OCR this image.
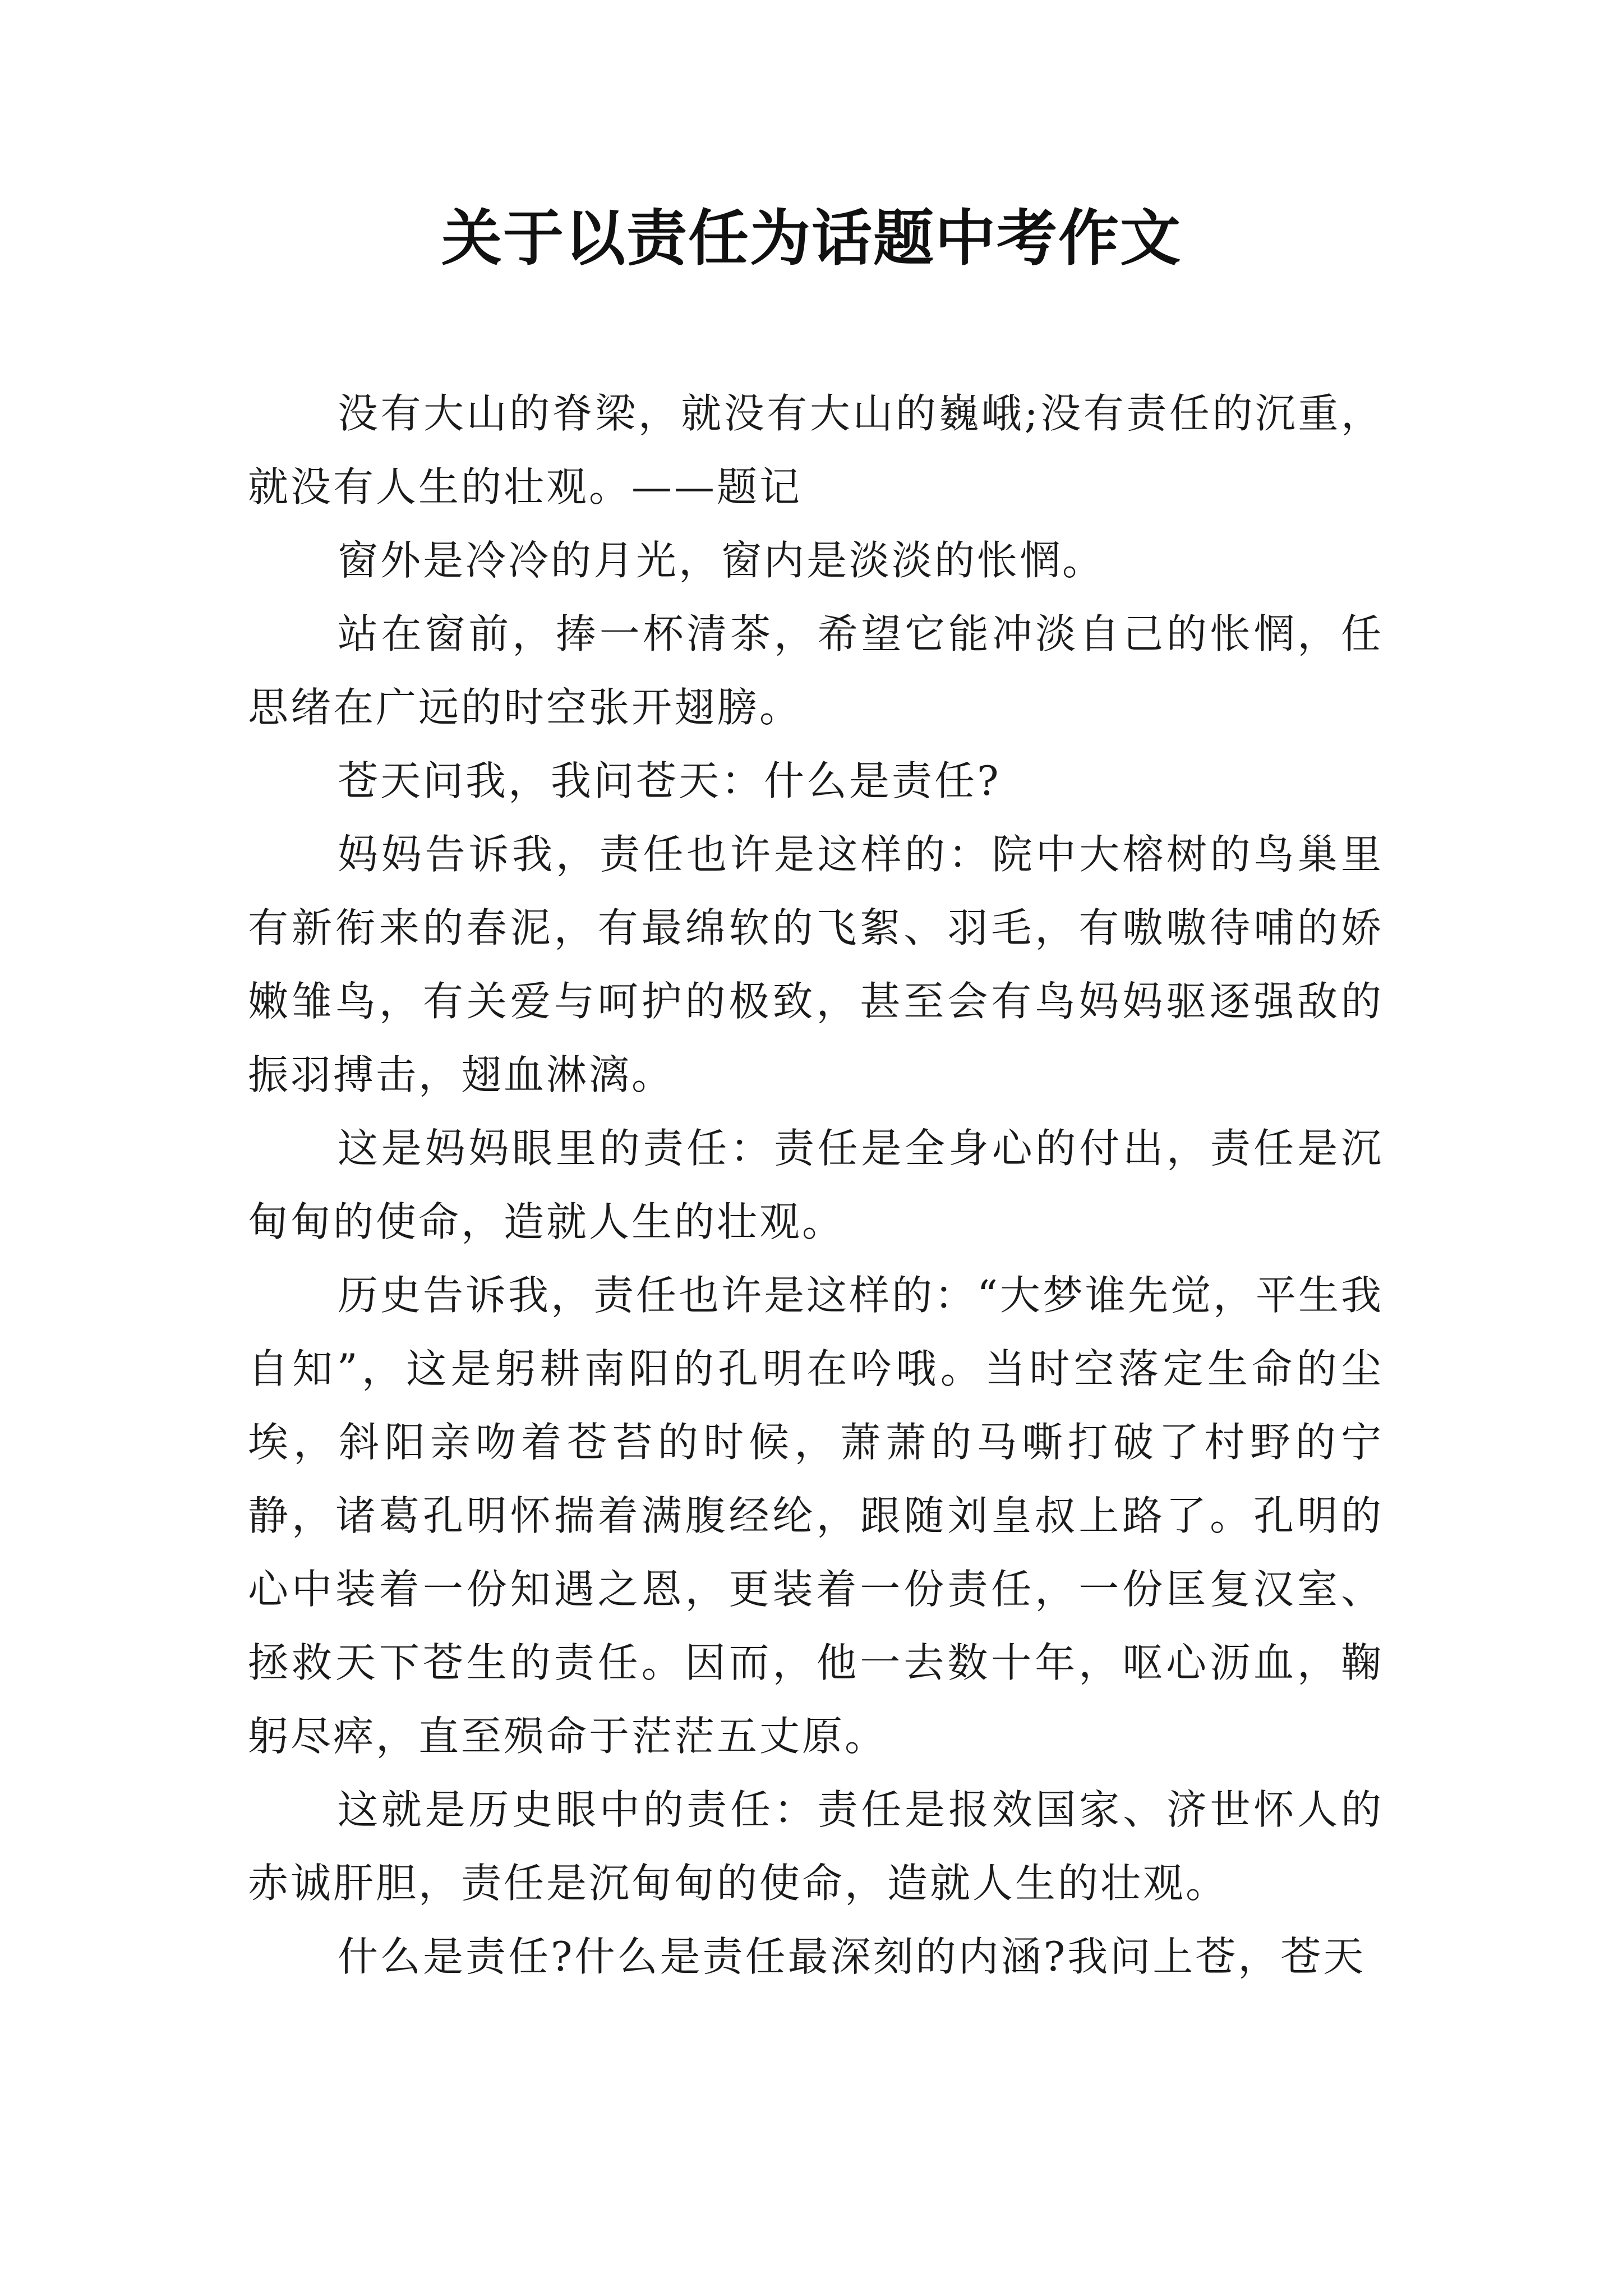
关于以责任为话题中考作文

没有大山的脊梁，就没有大山的巍峨;没有责任的沉重，就没有人生的壮观。——题记

窗外是冷冷的月光，窗内是淡淡的怅惘。

站在窗前，捧一杯清茶，希望它能冲淡自己的怅惘，任思绪在广远的时空张开翅膀。

苍天问我，我问苍天：什么是责任?

妈妈告诉我，责任也许是这样的：院中大榕树的鸟巢里有新衔来的春泥，有最绵软的飞絮、羽毛，有嗷嗷待哺的娇嫩雏鸟，有关爱与呵护的极致，甚至会有鸟妈妈驱逐强敌的振羽搏击，翅血淋漓。

这是妈妈眼里的责任：责任是全身心的付出，责任是沉甸甸的使命，造就人生的壮观。

历史告诉我，责任也许是这样的：“大梦谁先觉，平生我自知”，这是躬耕南阳的孔明在吟哦。当时空落定生命的尘埃，斜阳亲吻着苍苔的时候，萧萧的马嘶打破了村野的宁静，诸葛孔明怀揣着满腹经纶，跟随刘皇叔上路了。孔明的心中装着一份知遇之恩，更装着一份责任，一份匡复汉室、拯救天下苍生的责任。因而，他一去数十年，呕心沥血，鞠躬尽瘁，直至殒命于茫茫五丈原。

这就是历史眼中的责任：责任是报效国家、济世怀人的赤诚肝胆，责任是沉甸甸的使命，造就人生的壮观。

什么是责任?什么是责任最深刻的内涵?我问上苍，苍天
